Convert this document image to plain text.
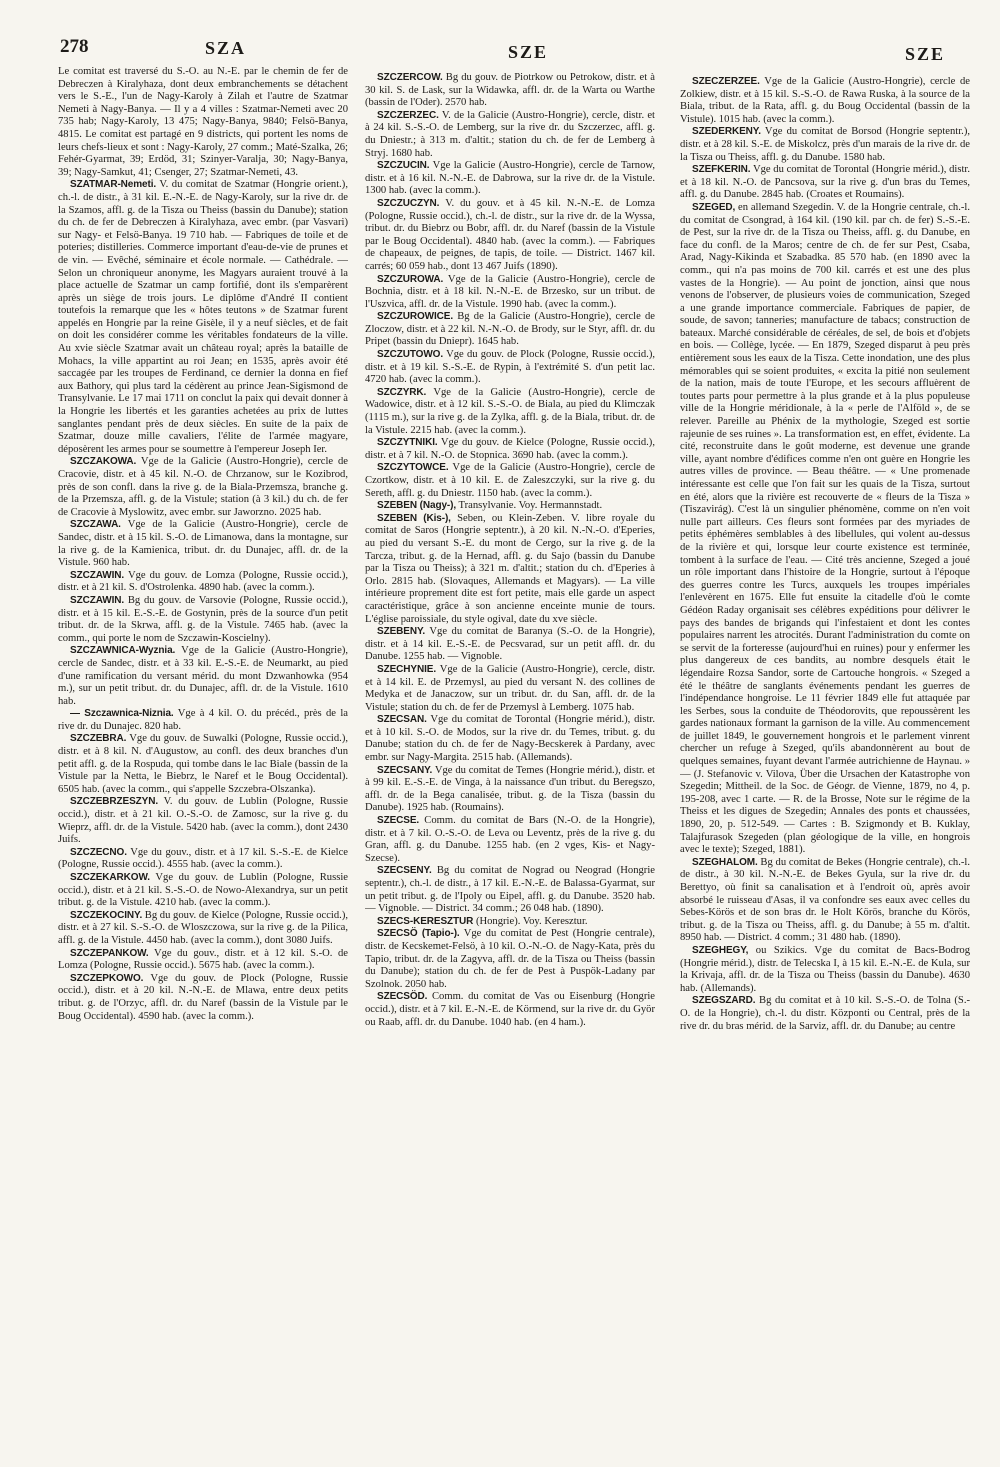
278	SZA	SZE	SZE

Le comitat est traversé du S.-O. au N.-E. par le chemin de fer de Debreczen à Kiralyhaza, dont deux embranchements se détachent vers le S.-E., l'un de Nagy-Karoly à Zilah et l'autre de Szatmar Nemeti à Nagy-Banya. — Il y a 4 villes : Szatmar-Nemeti avec 20 735 hab; Nagy-Karoly, 13 475; Nagy-Banya, 9840; Felsö-Banya, 4815. Le comitat est partagé en 9 districts, qui portent les noms de leurs chefs-lieux et sont : Nagy-Karoly, 27 comm.; Maté-Szalka, 26; Fehér-Gyarmat, 39; Erdöd, 31; Szinyer-Varalja, 30; Nagy-Banya, 39; Nagy-Samkut, 41; Csenger, 27; Szatmar-Nemeti, 43.

SZATMAR-Nemeti. V. du comitat de Szatmar (Hongrie orient.), ch.-l. de distr., à 31 kil. E.-N.-E. de Nagy-Karoly, sur la rive dr. de la Szamos, affl. g. de la Tisza ou Theiss (bassin du Danube); station du ch. de fer de Debreczen à Kiralyhaza, avec embr. (par Vasvari) sur Nagy- et Felsö-Banya. 19 710 hab. — Fabriques de toile et de poteries; distilleries. Commerce important d'eau-de-vie de prunes et de vin. — Evêché, séminaire et école normale. — Cathédrale. — Selon un chroniqueur anonyme, les Magyars auraient trouvé à la place actuelle de Szatmar un camp fortifié, dont ils s'emparèrent après un siège de trois jours. Le diplôme d'André II contient toutefois la remarque que les « hôtes teutons » de Szatmar furent appelés en Hongrie par la reine Gisèle, il y a neuf siècles, et de fait on doit les considérer comme les véritables fondateurs de la ville. Au xvie siècle Szatmar avait un château royal; après la bataille de Mohacs, la ville appartint au roi Jean; en 1535, après avoir été saccagée par les troupes de Ferdinand, ce dernier la donna en fief aux Bathory, qui plus tard la cédèrent au prince Jean-Sigismond de Transylvanie. Le 17 mai 1711 on conclut la paix qui devait donner à la Hongrie les libertés et les garanties achetées au prix de luttes sanglantes pendant près de deux siècles. En suite de la paix de Szatmar, douze mille cavaliers, l'élite de l'armée magyare, déposèrent les armes pour se soumettre à l'empereur Joseph Ier.

SZCZAKOWA. Vge de la Galicie (Austro-Hongrie), cercle de Cracovie, distr. et à 45 kil. N.-O. de Chrzanow, sur le Kozibrod, près de son confl. dans la rive g. de la Biala-Przemsza, branche g. de la Przemsza, affl. g. de la Vistule; station (à 3 kil.) du ch. de fer de Cracovie à Myslowitz, avec embr. sur Jaworzno. 2025 hab.

SZCZAWA. Vge de la Galicie (Austro-Hongrie), cercle de Sandec, distr. et à 15 kil. S.-O. de Limanowa, dans la montagne, sur la rive g. de la Kamienica, tribut. dr. du Dunajec, affl. dr. de la Vistule. 960 hab.

SZCZAWIN. Vge du gouv. de Lomza (Pologne, Russie occid.), distr. et à 21 kil. S. d'Ostrolenka. 4890 hab. (avec la comm.).

SZCZAWIN. Bg du gouv. de Varsovie (Pologne, Russie occid.), distr. et à 15 kil. E.-S.-E. de Gostynin, près de la source d'un petit tribut. dr. de la Skrwa, affl. g. de la Vistule. 7465 hab. (avec la comm., qui porte le nom de Szczawin-Koscielny).

SZCZAWNICA-Wyznia. Vge de la Galicie (Austro-Hongrie), cercle de Sandec, distr. et à 33 kil. E.-S.-E. de Neumarkt, au pied d'une ramification du versant mérid. du mont Dzwanhowka (954 m.), sur un petit tribut. dr. du Dunajec, affl. dr. de la Vistule. 1610 hab.

— Szczawnica-Niznia. Vge à 4 kil. O. du précéd., près de la rive dr. du Dunajec. 820 hab.

SZCZEBRA. Vge du gouv. de Suwalki (Pologne, Russie occid.), distr. et à 8 kil. N. d'Augustow, au confl. des deux branches d'un petit affl. g. de la Rospuda, qui tombe dans le lac Biale (bassin de la Vistule par la Netta, le Biebrz, le Naref et le Boug Occidental). 6505 hab. (avec la comm., qui s'appelle Szczebra-Olszanka).

SZCZEBRZESZYN. V. du gouv. de Lublin (Pologne, Russie occid.), distr. et à 21 kil. O.-S.-O. de Zamosc, sur la rive g. du Wieprz, affl. dr. de la Vistule. 5420 hab. (avec la comm.), dont 2430 Juifs.

SZCZECNO. Vge du gouv., distr. et à 17 kil. S.-S.-E. de Kielce (Pologne, Russie occid.). 4555 hab. (avec la comm.).

SZCZEKARKOW. Vge du gouv. de Lublin (Pologne, Russie occid.), distr. et à 21 kil. S.-S.-O. de Nowo-Alexandrya, sur un petit tribut. g. de la Vistule. 4210 hab. (avec la comm.).

SZCZEKOCINY. Bg du gouv. de Kielce (Pologne, Russie occid.), distr. et à 27 kil. S.-S.-O. de Wloszczowa, sur la rive g. de la Pilica, affl. g. de la Vistule. 4450 hab. (avec la comm.), dont 3080 Juifs.

SZCZEPANKOW. Vge du gouv., distr. et à 12 kil. S.-O. de Lomza (Pologne, Russie occid.). 5675 hab. (avec la comm.).

SZCZEPKOWO. Vge du gouv. de Plock (Pologne, Russie occid.), distr. et à 20 kil. N.-N.-E. de Mlawa, entre deux petits tribut. g. de l'Orzyc, affl. dr. du Naref (bassin de la Vistule par le Boug Occidental). 4590 hab. (avec la comm.).

SZCZERCOW. Bg du gouv. de Piotrkow ou Petrokow, distr. et à 30 kil. S. de Lask, sur la Widawka, affl. dr. de la Warta ou Warthe (bassin de l'Oder). 2570 hab.

SZCZERZEC. V. de la Galicie (Austro-Hongrie), cercle, distr. et à 24 kil. S.-S.-O. de Lemberg, sur la rive dr. du Szczerzec, affl. g. du Dniestr.; à 313 m. d'altit.; station du ch. de fer de Lemberg à Stryj. 1680 hab.

SZCZUCIN. Vge la Galicie (Austro-Hongrie), cercle de Tarnow, distr. et à 16 kil. N.-N.-E. de Dabrowa, sur la rive dr. de la Vistule. 1300 hab. (avec la comm.).

SZCZUCZYN. V. du gouv. et à 45 kil. N.-N.-E. de Lomza (Pologne, Russie occid.), ch.-l. de distr., sur la rive dr. de la Wyssa, tribut. dr. du Biebrz ou Bobr, affl. dr. du Naref (bassin de la Vistule par le Boug Occidental). 4840 hab. (avec la comm.). — Fabriques de chapeaux, de peignes, de tapis, de toile. — District. 1467 kil. carrés; 60 059 hab., dont 13 467 Juifs (1890).

SZCZUROWA. Vge de la Galicie (Austro-Hongrie), cercle de Bochnia, distr. et à 18 kil. N.-N.-E. de Brzesko, sur un tribut. de l'Uszvica, affl. dr. de la Vistule. 1990 hab. (avec la comm.).

SZCZUROWICE. Bg de la Galicie (Austro-Hongrie), cercle de Zloczow, distr. et à 22 kil. N.-N.-O. de Brody, sur le Styr, affl. dr. du Pripet (bassin du Dniepr). 1645 hab.

SZCZUTOWO. Vge du gouv. de Plock (Pologne, Russie occid.), distr. et à 19 kil. S.-S.-E. de Rypin, à l'extrémité S. d'un petit lac. 4720 hab. (avec la comm.).

SZCZYRK. Vge de la Galicie (Austro-Hongrie), cercle de Wadowice, distr. et à 12 kil. S.-S.-O. de Biala, au pied du Klimczak (1115 m.), sur la rive g. de la Zylka, affl. g. de la Biala, tribut. dr. de la Vistule. 2215 hab. (avec la comm.).

SZCZYTNIKI. Vge du gouv. de Kielce (Pologne, Russie occid.), distr. et à 7 kil. N.-O. de Stopnica. 3690 hab. (avec la comm.).

SZCZYTOWCE. Vge de la Galicie (Austro-Hongrie), cercle de Czortkow, distr. et à 10 kil. E. de Zaleszczyki, sur la rive g. du Sereth, affl. g. du Dniestr. 1150 hab. (avec la comm.).

SZEBEN (Nagy-), Transylvanie. Voy. Hermannstadt.

SZEBEN (Kis-), Seben, ou Klein-Zeben. V. libre royale du comitat de Saros (Hongrie septentr.), à 20 kil. N.-N.-O. d'Eperies, au pied du versant S.-E. du mont de Cergo, sur la rive g. de la Tarcza, tribut. g. de la Hernad, affl. g. du Sajo (bassin du Danube par la Tisza ou Theiss); à 321 m. d'altit.; station du ch. d'Eperies à Orlo. 2815 hab. (Slovaques, Allemands et Magyars). — La ville intérieure proprement dite est fort petite, mais elle garde un aspect caractéristique, grâce à son ancienne enceinte munie de tours. L'église paroissiale, du style ogival, date du xve siècle.

SZEBENY. Vge du comitat de Baranya (S.-O. de la Hongrie), distr. et à 14 kil. E.-S.-E. de Pecsvarad, sur un petit affl. dr. du Danube. 1255 hab. — Vignoble.

SZECHYNIE. Vge de la Galicie (Austro-Hongrie), cercle, distr. et à 14 kil. E. de Przemysl, au pied du versant N. des collines de Medyka et de Janaczow, sur un tribut. dr. du San, affl. dr. de la Vistule; station du ch. de fer de Przemysl à Lemberg. 1075 hab.

SZECSAN. Vge du comitat de Torontal (Hongrie mérid.), distr. et à 10 kil. S.-O. de Modos, sur la rive dr. du Temes, tribut. g. du Danube; station du ch. de fer de Nagy-Becskerek à Pardany, avec embr. sur Nagy-Margita. 2515 hab. (Allemands).

SZECSANY. Vge du comitat de Temes (Hongrie mérid.), distr. et à 99 kil. E.-S.-E. de Vinga, à la naissance d'un tribut. du Beregszo, affl. dr. de la Bega canalisée, tribut. g. de la Tisza (bassin du Danube). 1925 hab. (Roumains).

SZECSE. Comm. du comitat de Bars (N.-O. de la Hongrie), distr. et à 7 kil. O.-S.-O. de Leva ou Leventz, près de la rive g. du Gran, affl. g. du Danube. 1255 hab. (en 2 vges, Kis- et Nagy-Szecse).

SZECSENY. Bg du comitat de Nograd ou Neograd (Hongrie septentr.), ch.-l. de distr., à 17 kil. E.-N.-E. de Balassa-Gyarmat, sur un petit tribut. g. de l'Ipoly ou Eipel, affl. g. du Danube. 3520 hab. — Vignoble. — District. 34 comm.; 26 048 hab. (1890).

SZECS-KERESZTUR (Hongrie). Voy. Keresztur.

SZECSÖ (Tapio-). Vge du comitat de Pest (Hongrie centrale), distr. de Kecskemet-Felsö, à 10 kil. O.-N.-O. de Nagy-Kata, près du Tapio, tribut. dr. de la Zagyva, affl. dr. de la Tisza ou Theiss (bassin du Danube); station du ch. de fer de Pest à Puspök-Ladany par Szolnok. 2050 hab.

SZECSÖD. Comm. du comitat de Vas ou Eisenburg (Hongrie occid.), distr. et à 7 kil. E.-N.-E. de Körmend, sur la rive dr. du Györ ou Raab, affl. dr. du Danube. 1040 hab. (en 4 ham.).

SZECZERZEE. Vge de la Galicie (Austro-Hongrie), cercle de Zolkiew, distr. et à 15 kil. S.-S.-O. de Rawa Ruska, à la source de la Biala, tribut. de la Rata, affl. g. du Boug Occidental (bassin de la Vistule). 1015 hab. (avec la comm.).

SZEDERKENY. Vge du comitat de Borsod (Hongrie septentr.), distr. et à 28 kil. S.-E. de Miskolcz, près d'un marais de la rive dr. de la Tisza ou Theiss, affl. g. du Danube. 1580 hab.

SZEFKERIN. Vge du comitat de Torontal (Hongrie mérid.), distr. et à 18 kil. N.-O. de Pancsova, sur la rive g. d'un bras du Temes, affl. g. du Danube. 2845 hab. (Croates et Roumains).

SZEGED, en allemand Szegedin. V. de la Hongrie centrale, ch.-l. du comitat de Csongrad, à 164 kil. (190 kil. par ch. de fer) S.-S.-E. de Pest, sur la rive dr. de la Tisza ou Theiss, affl. g. du Danube, en face du confl. de la Maros; centre de ch. de fer sur Pest, Csaba, Arad, Nagy-Kikinda et Szabadka. 85 570 hab. (en 1890 avec la comm., qui n'a pas moins de 700 kil. carrés et est une des plus vastes de la Hongrie). — Au point de jonction, ainsi que nous venons de l'observer, de plusieurs voies de communication, Szeged a une grande importance commerciale. Fabriques de papier, de soude, de savon; tanneries; manufacture de tabacs; construction de bateaux. Marché considérable de céréales, de sel, de bois et d'objets en bois. — Collège, lycée. — En 1879, Szeged disparut à peu près entièrement sous les eaux de la Tisza. Cette inondation, une des plus mémorables qui se soient produites, « excita la pitié non seulement de la nation, mais de toute l'Europe, et les secours affluèrent de toutes parts pour permettre à la plus grande et à la plus populeuse ville de la Hongrie méridionale, à la « perle de l'Alföld », de se relever. Pareille au Phénix de la mythologie, Szeged est sortie rajeunie de ses ruines ». La transformation est, en effet, évidente. La cité, reconstruite dans le goût moderne, est devenue une grande ville, ayant nombre d'édifices comme n'en ont guère en Hongrie les autres villes de province. — Beau théâtre. — « Une promenade intéressante est celle que l'on fait sur les quais de la Tisza, surtout en été, alors que la rivière est recouverte de « fleurs de la Tisza » (Tiszavirág). C'est là un singulier phénomène, comme on n'en voit nulle part ailleurs. Ces fleurs sont formées par des myriades de petits éphémères semblables à des libellules, qui volent au-dessus de la rivière et qui, lorsque leur courte existence est terminée, tombent à la surface de l'eau. — Cité très ancienne, Szeged a joué un rôle important dans l'histoire de la Hongrie, surtout à l'époque des guerres contre les Turcs, auxquels les troupes impériales l'enlevèrent en 1675. Elle fut ensuite la citadelle d'où le comte Gédéon Raday organisait ses célèbres expéditions pour délivrer le pays des bandes de brigands qui l'infestaient et dont les contes populaires narrent les atrocités. Durant l'administration du comte on se servit de la forteresse (aujourd'hui en ruines) pour y enfermer les plus dangereux de ces bandits, au nombre desquels était le légendaire Rozsa Sandor, sorte de Cartouche hongrois. « Szeged a été le théâtre de sanglants événements pendant les guerres de l'indépendance hongroise. Le 11 février 1849 elle fut attaquée par les Serbes, sous la conduite de Théodorovits, que repoussèrent les gardes nationaux formant la garnison de la ville. Au commencement de juillet 1849, le gouvernement hongrois et le parlement vinrent chercher un refuge à Szeged, qu'ils abandonnèrent au bout de quelques semaines, fuyant devant l'armée autrichienne de Haynau. » — (J. Stefanovic v. Vilova, Über die Ursachen der Katastrophe von Szegedin; Mittheil. de la Soc. de Géogr. de Vienne, 1879, no 4, p. 195-208, avec 1 carte. — R. de la Brosse, Note sur le régime de la Theiss et les digues de Szegedin; Annales des ponts et chaussées, 1890, 20, p. 512-549. — Cartes : B. Szigmondy et B. Kuklay, Talajfurasok Szegeden (plan géologique de la ville, en hongrois avec le texte); Szeged, 1881).

SZEGHALOM. Bg du comitat de Bekes (Hongrie centrale), ch.-l. de distr., à 30 kil. N.-N.-E. de Bekes Gyula, sur la rive dr. du Berettyo, où finit sa canalisation et à l'endroit où, après avoir absorbé le ruisseau d'Asas, il va confondre ses eaux avec celles du Sebes-Körös et de son bras dr. le Holt Körös, branche du Körös, tribut. g. de la Tisza ou Theiss, affl. g. du Danube; à 55 m. d'altit. 8950 hab. — District. 4 comm.; 31 480 hab. (1890).

SZEGHEGY, ou Szikics. Vge du comitat de Bacs-Bodrog (Hongrie mérid.), distr. de Telecska I, à 15 kil. E.-N.-E. de Kula, sur la Krivaja, affl. dr. de la Tisza ou Theiss (bassin du Danube). 4630 hab. (Allemands).

SZEGSZARD. Bg du comitat et à 10 kil. S.-S.-O. de Tolna (S.-O. de la Hongrie), ch.-l. du distr. Központi ou Central, près de la rive dr. du bras mérid. de la Sarviz, affl. dr. du Danube; au centre
